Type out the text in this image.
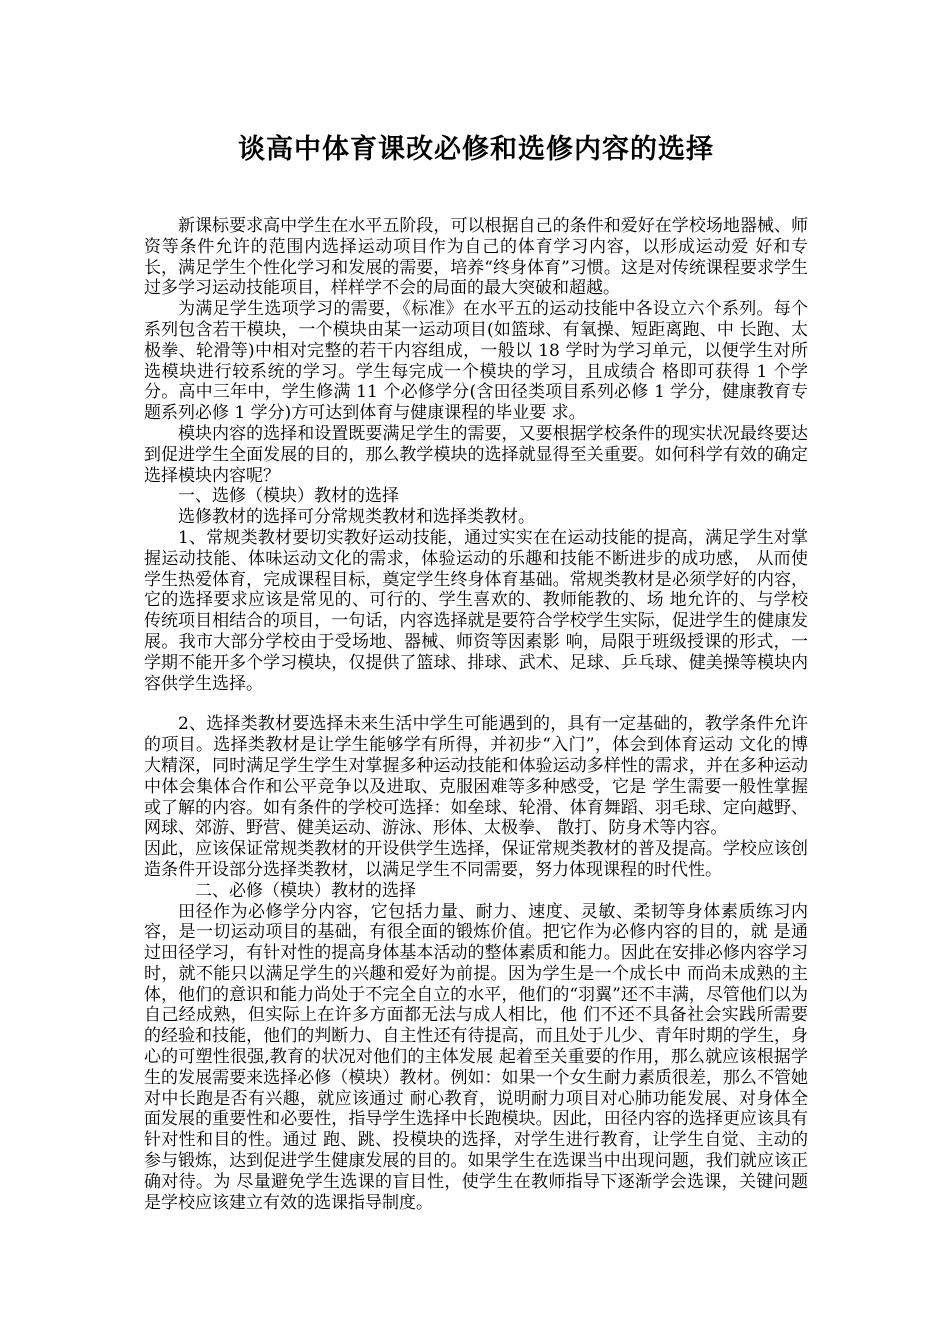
谈高中体育课改必修和选修内容的选择

新课标要求高中学生在水平五阶段，可以根据自己的条件和爱好在学校场地器械、师资等条件允许的范围内选择运动项目作为自己的体育学习内容，以形成运动爱 好和专长，满足学生个性化学习和发展的需要，培养“终身体育”习惯。这是对传统课程要求学生过多学习运动技能项目，样样学不会的局面的最大突破和超越。

为满足学生选项学习的需要，《标准》在水平五的运动技能中各设立六个系列。每个系列包含若干模块，一个模块由某一运动项目(如篮球、有氧操、短距离跑、中 长跑、太极拳、轮滑等)中相对完整的若干内容组成，一般以 18 学时为学习单元，以便学生对所选模块进行较系统的学习。学生每完成一个模块的学习，且成绩合 格即可获得 1 个学分。高中三年中，学生修满 11 个必修学分(含田径类项目系列必修 1 学分，健康教育专题系列必修 1 学分)方可达到体育与健康课程的毕业要 求。

模块内容的选择和设置既要满足学生的需要，又要根据学校条件的现实状况最终要达到促进学生全面发展的目的，那么教学模块的选择就显得至关重要。如何科学有效的确定选择模块内容呢？

一、选修（模块）教材的选择

选修教材的选择可分常规类教材和选择类教材。

1、常规类教材要切实教好运动技能，通过实实在在运动技能的提高，满足学生对掌握运动技能、体味运动文化的需求，体验运动的乐趣和技能不断进步的成功感， 从而使学生热爱体育，完成课程目标，奠定学生终身体育基础。常规类教材是必须学好的内容，它的选择要求应该是常见的、可行的、学生喜欢的、教师能教的、场 地允许的、与学校传统项目相结合的项目，一句话，内容选择就是要符合学校学生实际，促进学生的健康发展。我市大部分学校由于受场地、器械、师资等因素影 响，局限于班级授课的形式，一学期不能开多个学习模块，仅提供了篮球、排球、武术、足球、乒乓球、健美操等模块内容供学生选择。

2、选择类教材要选择未来生活中学生可能遇到的，具有一定基础的，教学条件允许的项目。选择类教材是让学生能够学有所得，并初步“入门”，体会到体育运动 文化的博大精深，同时满足学生学生对掌握多种运动技能和体验运动多样性的需求，并在多种运动中体会集体合作和公平竞争以及进取、克服困难等多种感受，它是 学生需要一般性掌握或了解的内容。如有条件的学校可选择：如垒球、轮滑、体育舞蹈、羽毛球、定向越野、网球、郊游、野营、健美运动、游泳、形体、太极拳、 散打、防身术等内容。

因此，应该保证常规类教材的开设供学生选择，保证常规类教材的普及提高。学校应该创造条件开设部分选择类教材，以满足学生不同需要，努力体现课程的时代性。

二、必修（模块）教材的选择

田径作为必修学分内容，它包括力量、耐力、速度、灵敏、柔韧等身体素质练习内容，是一切运动项目的基础，有很全面的锻炼价值。把它作为必修内容的目的，就 是通过田径学习，有针对性的提高身体基本活动的整体素质和能力。因此在安排必修内容学习时，就不能只以满足学生的兴趣和爱好为前提。因为学生是一个成长中 而尚未成熟的主体，他们的意识和能力尚处于不完全自立的水平，他们的“羽翼”还不丰满，尽管他们以为自己经成熟，但实际上在许多方面都无法与成人相比，他 们不还不具备社会实践所需要的经验和技能，他们的判断力、自主性还有待提高，而且处于儿少、青年时期的学生，身心的可塑性很强,教育的状况对他们的主体发展 起着至关重要的作用，那么就应该根据学生的发展需要来选择必修（模块）教材。例如：如果一个女生耐力素质很差，那么不管她对中长跑是否有兴趣，就应该通过 耐心教育，说明耐力项目对心肺功能发展、对身体全面发展的重要性和必要性，指导学生选择中长跑模块。因此，田径内容的选择更应该具有针对性和目的性。通过 跑、跳、投模块的选择，对学生进行教育，让学生自觉、主动的参与锻炼，达到促进学生健康发展的目的。如果学生在选课当中出现问题，我们就应该正确对待。为 尽量避免学生选课的盲目性，使学生在教师指导下逐渐学会选课，关键问题是学校应该建立有效的选课指导制度。
